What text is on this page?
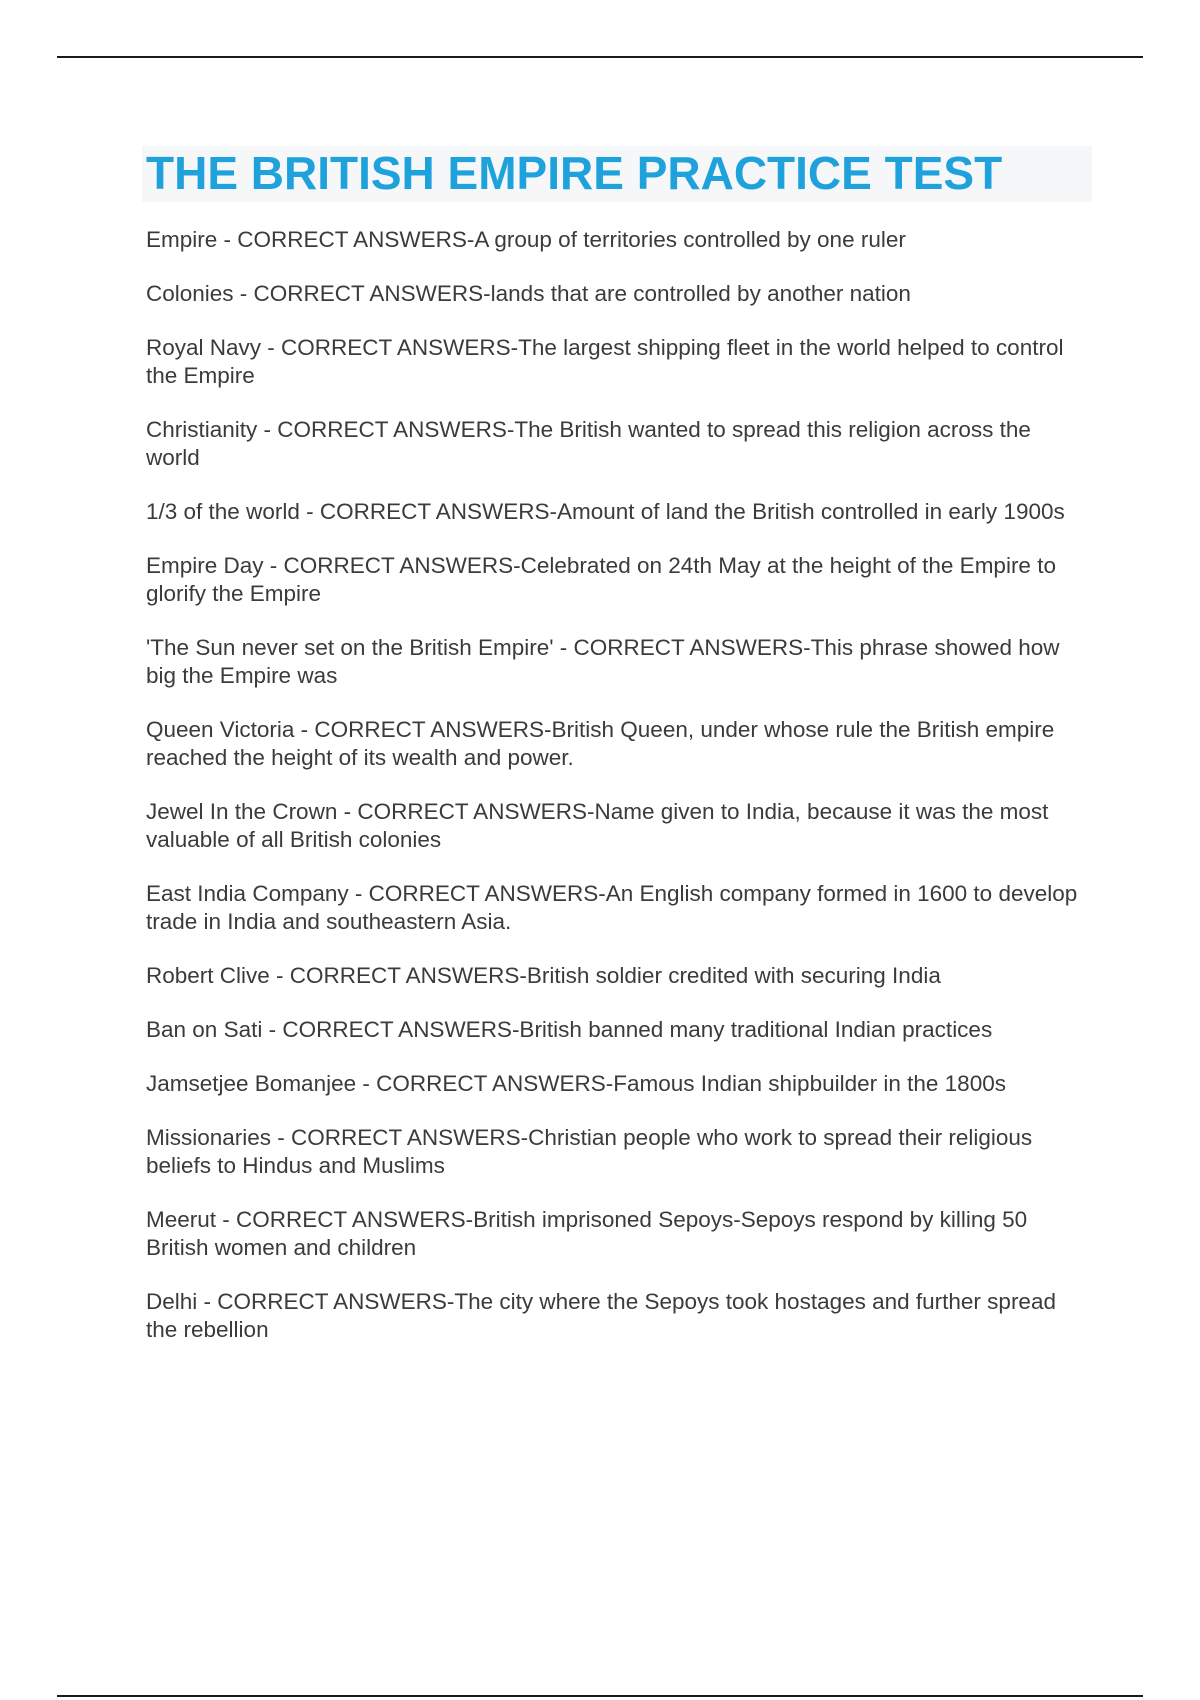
THE BRITISH EMPIRE PRACTICE TEST
Empire - CORRECT ANSWERS-A group of territories controlled by one ruler
Colonies - CORRECT ANSWERS-lands that are controlled by another nation
Royal Navy - CORRECT ANSWERS-The largest shipping fleet in the world helped to control the Empire
Christianity - CORRECT ANSWERS-The British wanted to spread this religion across the world
1/3 of the world - CORRECT ANSWERS-Amount of land the British controlled in early 1900s
Empire Day - CORRECT ANSWERS-Celebrated on 24th May at the height of the Empire to glorify the Empire
'The Sun never set on the British Empire' - CORRECT ANSWERS-This phrase showed how big the Empire was
Queen Victoria - CORRECT ANSWERS-British Queen, under whose rule the British empire reached the height of its wealth and power.
Jewel In the Crown - CORRECT ANSWERS-Name given to India, because it was the most valuable of all British colonies
East India Company - CORRECT ANSWERS-An English company formed in 1600 to develop trade in India and southeastern Asia.
Robert Clive - CORRECT ANSWERS-British soldier credited with securing India
Ban on Sati - CORRECT ANSWERS-British banned many traditional Indian practices
Jamsetjee Bomanjee - CORRECT ANSWERS-Famous Indian shipbuilder in the 1800s
Missionaries - CORRECT ANSWERS-Christian people who work to spread their religious beliefs to Hindus and Muslims
Meerut - CORRECT ANSWERS-British imprisoned Sepoys-Sepoys respond by killing 50 British women and children
Delhi - CORRECT ANSWERS-The city where the Sepoys took hostages and further spread the rebellion
